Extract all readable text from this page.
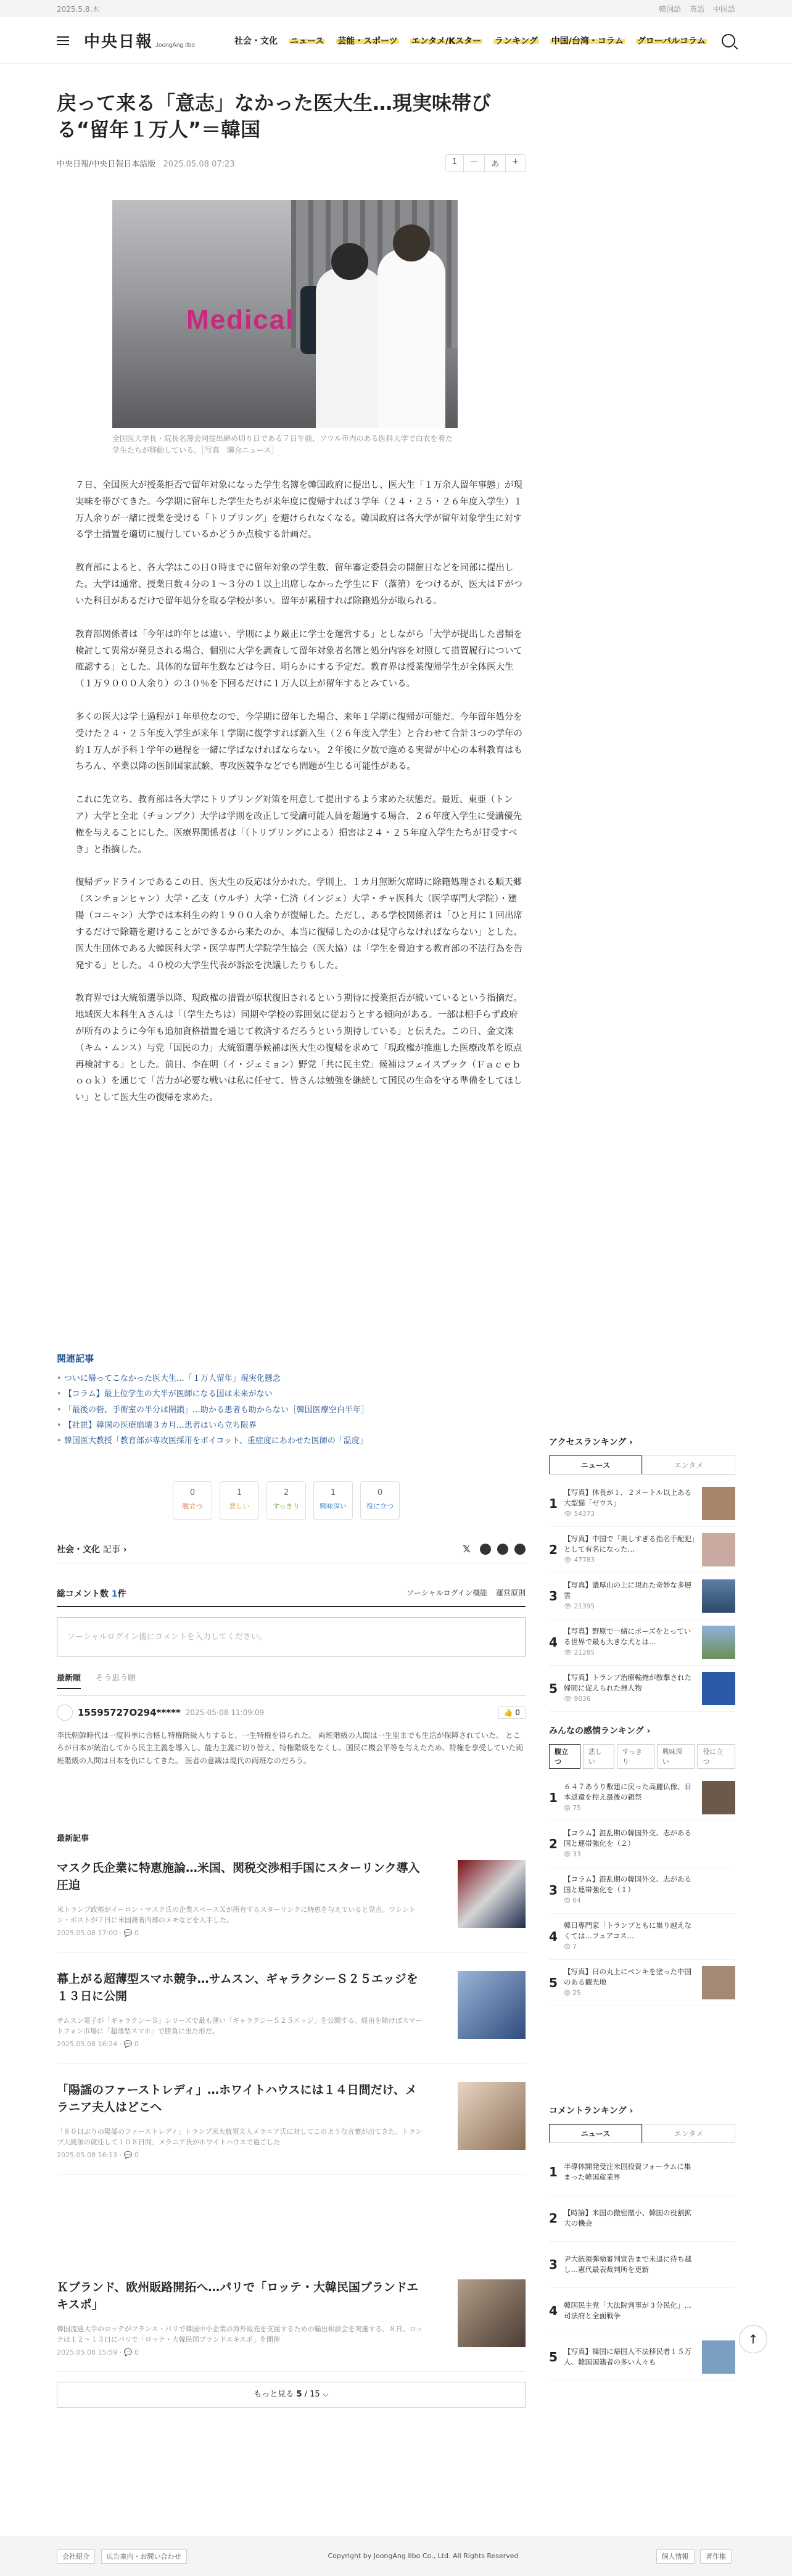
2025.5.8.木	韓国語 英語 中国語
中央日報 JoongAng Ilbo	社会・文化 ニュース 芸能・スポーツ エンタメ/Kスター ランキング 中国/台湾・コラム グローバルコラム
戻って来る「意志」なかった医大生…現実味帯びる“留年１万人”＝韓国
中央日報/中央日報日本語版 2025.05.08 07:23	1	—	あ	+
Medical

全国医大学長・院長名簿会同提出締め切り日である７日午前、ソウル市内のある医科大学で白衣を着た学生たちが移動している。［写真　聯合ニュース］

７日、全国医大が授業拒否で留年対象になった学生名簿を韓国政府に提出し、医大生「１万余人留年事態」が現実味を帯びてきた。今学期に留年した学生たちが来年度に復帰すれば３学年（２４・２５・２６年度入学生）１万人余りが一緒に授業を受ける「トリプリング」を避けられなくなる。韓国政府は各大学が留年対象学生に対する学士措置を適切に履行しているかどうか点検する計画だ。

教育部によると、各大学はこの日０時までに留年対象の学生数、留年審定委員会の開催日などを同部に提出した。大学は通常、授業日数４分の１～３分の１以上出席しなかった学生にＦ（落第）をつけるが、医大はＦがついた科目があるだけで留年処分を取る学校が多い。留年が累積すれば除籍処分が取られる。

教育部関係者は「今年は昨年とは違い、学則により厳正に学士を運営する」としながら「大学が提出した書類を検討して異常が発見される場合、個別に大学を調査して留年対象者名簿と処分内容を対照して措置履行について確認する」とした。具体的な留年生数などは今日、明らかにする予定だ。教育界は授業復帰学生が全体医大生（１万９０００人余り）の３０％を下回るだけに１万人以上が留年するとみている。

多くの医大は学士過程が１年単位なので、今学期に留年した場合、来年１学期に復帰が可能だ。今年留年処分を受けた２４・２５年度入学生が来年１学期に復学すれば新入生（２６年度入学生）と合わせて合計３つの学年の約１万人が予科１学年の過程を一緒に学ばなければならない。２年後に夕数で進める実習が中心の本科教育はもちろん、卒業以降の医師国家試験、専攻医競争などでも問題が生じる可能性がある。

これに先立ち、教育部は各大学にトリプリング対策を用意して提出するよう求めた状態だ。最近、東亜（トンア）大学と全北（チョンブク）大学は学則を改正して受講可能人員を超過する場合、２６年度入学生に受講優先権を与えることにした。医療界関係者は「（トリプリングによる）損害は２４・２５年度入学生たちが甘受すべき」と指摘した。

復帰デッドラインであるこの日、医大生の反応は分かれた。学則上、１カ月無断欠席時に除籍処理される順天郷（スンチョンヒャン）大学・乙支（ウルチ）大学・仁済（インジェ）大学・チャ医科大（医学専門大学院）・建陽（コニャン）大学では本科生の約１９００人余りが復帰した。ただし、ある学校関係者は「ひと月に１回出席するだけで除籍を避けることができるから来たのか、本当に復帰したのかは見守らなければならない」とした。医大生団体である大韓医科大学・医学専門大学院学生協会（医大協）は「学生を脅迫する教育部の不法行為を告発する」とした。４０校の大学生代表が訴訟を決議したりもした。

教育界では大統領選挙以降、現政権の措置が原状復旧されるという期待に授業拒否が続いているという指摘だ。地域医大本科生Ａさんは「（学生たちは）同期や学校の雰囲気に従おうとする傾向がある。一部は相手らず政府が所有のように今年も追加資格措置を通じて救済するだろうという期待している」と伝えた。この日、金文洙（キム・ムンス）与党「国民の力」大統領選挙候補は医大生の復帰を求めて「現政権が推進した医療改革を原点再検討する」とした。前日、李在明（イ・ジェミョン）野党「共に民主党」候補はフェイスブック（Ｆａｃｅｂｏｏｋ）を通じて「苦力が必要な戦いは私に任せて、皆さんは勉強を継続して国民の生命を守る準備をしてほしい」として医大生の復帰を求めた。

関連記事
• ついに帰ってこなかった医大生…「１万人留年」現実化懸念
• 【コラム】最上位学生の大半が医師になる国は未来がない
• 「最後の砦、手術室の半分は閉鎖」…助かる患者も助からない［韓国医療空白半年］
• 【社説】韓国の医療崩壊３カ月…患者はいら立ち限界
• 韓国医大教授「教育部が専攻医採用をボイコット、重症度にあわせた医師の「温度」
0
腹立つ
1
悲しい
2
すっきり
1
興味深い
0
役に立つ
社会・文化 記事 ›	𝕏
総コメント数 1件	ソーシャルログイン機能 運営原則
ソーシャルログイン後にコメントを入力してください。
最新順 そう思う順
15595727O294***** 2025-05-08 11:09:09	👍 0

李氏朝鮮時代は一度科挙に合格し特権階級入りすると、一生特権を得られた。 両班階級の人間は一生里までも生活が保障されていた。 ところが日本が統治してから民主主義を導入し、能力主義に切り替え、特権階級をなくし、国民に機会平等を与えたため、特権を享受していた両班階級の人間は日本を仇にしてきた。 医者の意識は現代の両班なのだろう。

最新記事
マスク氏企業に特恵施論…米国、関税交渉相手国にスターリンク導入圧迫
米トランプ政権がイーロン・マスク氏の企業スペースＸが所有するスターリンクに特恵を与えていると発言。ワシントン・ポストが７日に米国務省内部のメモなどを入手した。
2025.05.08 17:00 · 💬 0
幕上がる超薄型スマホ競争…サムスン、ギャラクシーＳ２５エッジを１３日に公開
サムスン電子が「ギャラクシーＳ」シリーズで最も薄い「ギャラクシーＳ２５エッジ」を公開する。経由を除けばスマートフォン市場に「超薄型スマホ」で勝負に出た形だ。
2025.05.08 16:24 · 💬 0
「陽謡のファーストレディ」…ホワイトハウスには１４日間だけ、メラニア夫人はどこへ
「８０日ぶりの陽謡のファーストレディ」トランプ米大統領夫人メラニア氏に対してこのような言葉が出てきた。トランプ大統領の就任して１０８日間、メラニア氏がホワイトハウスで過ごした
2025.05.08 16:13 · 💬 0
Ｋブランド、欧州販路開拓へ…パリで「ロッテ・大韓民国ブランドエキスポ」
韓国流通大手のロッテがフランス・パリで韓国中小企業の海外販売を支援するための輸出相談会を実施する。８日、ロッテは１２～１３日にパリで「ロッテ・大韓民国ブランドエキスポ」を開催
2025.05.08 15:59 · 💬 0
もっと見る 5 / 15 ⌵
アクセスランキング ›
ニュース	エンタメ
1
【写真】体長が１．２メートル以上ある大型猫「ゼウス」
👁 54373
2
【写真】中国で「美しすぎる指名手配犯」として有名になった…
👁 47783
3
【写真】濃厚山の上に現れた奇妙な多層雲
👁 21395
4
【写真】野原で一緒にポーズをとっている世界で最も大きな犬とは…
👁 21285
5
【写真】トランプ治療輸掩が散撃された婦間に促えられた揮人物
👁 9036
みんなの感情ランキング ›
腹立つ
悲しい
すっきり
興味深い
役に立つ
1
６４７あうり敷建に戻った高麗仏像、日本返還を控え最後の親祭
😡 75
2
【コラム】混乱期の韓国外交、志がある国と連帯強化を（２）
😡 33
3
【コラム】混乱期の韓国外交、志がある国と連帯強化を（１）
😡 64
4
韓日専門家「トランプともに集り越えなくては…フュアコス…
😡 7
5
【写真】日の丸上にペンキを塗った中国のある観光地
😡 25
コメントランキング ›
ニュース	エンタメ
1 半導体開発受注米国投資フォーラムに集まった韓国産業界
2 【時論】米国の撤密撤小、韓国の役割拡大の機会
3 尹大統領弾劾審判宣告まで未退に待ち越し…憲代最表裁判所を更新
4 韓国民主党「大法院判事が３分民化」…司法府と全面戦争
5 【写真】韓国に帰国入不法移民者１５万人、韓国国籍者の多い人々も
↑
会社紹介	広告案内・お問い合わせ	Copyright by JoongAng Ilbo Co., Ltd. All Rights Reserved	個人情報	著作権
